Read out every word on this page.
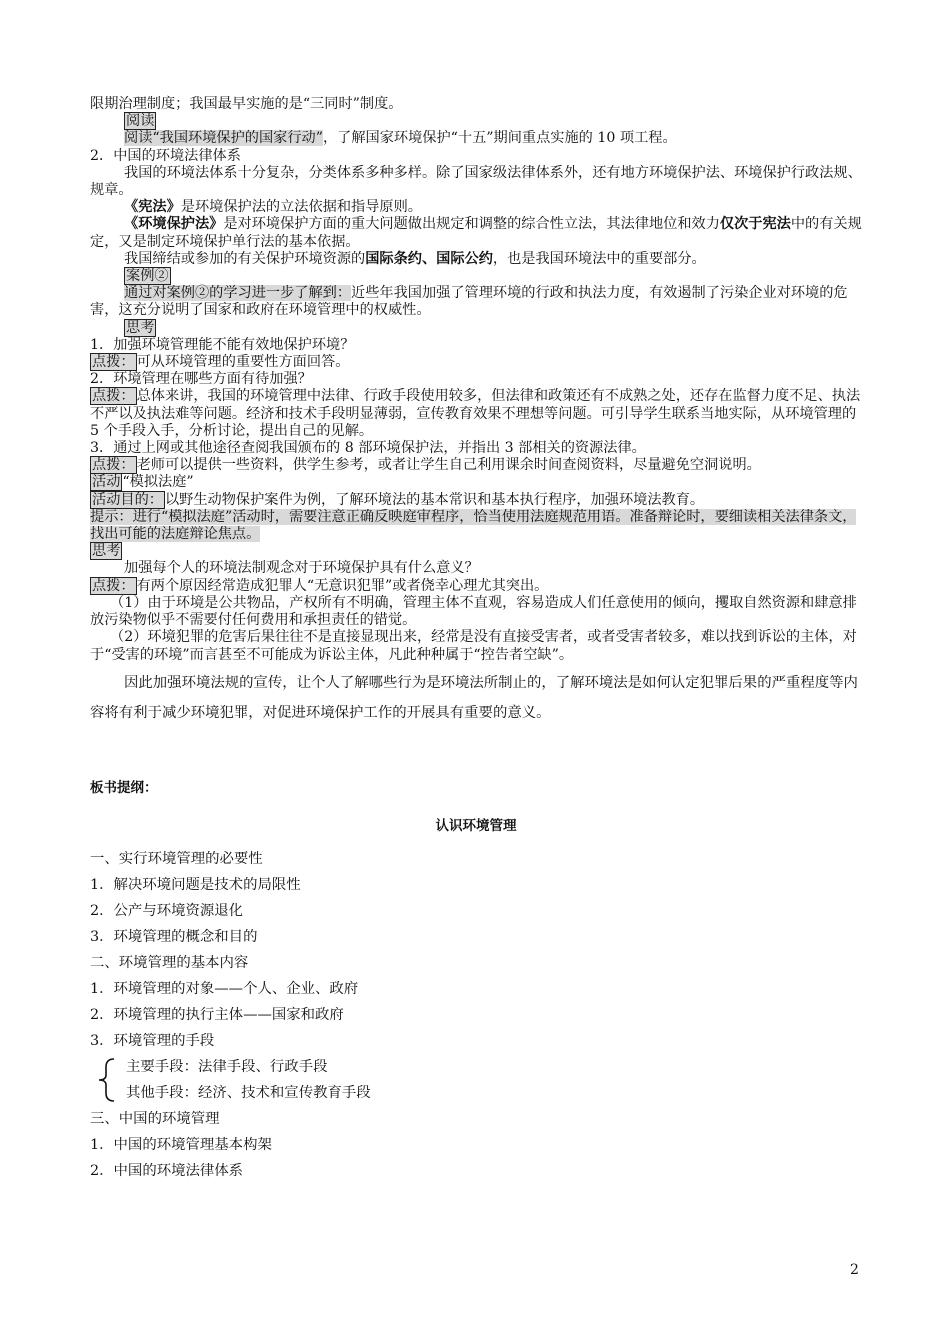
限期治理制度；我国最早实施的是“三同时”制度。
阅读
阅读“我国环境保护的国家行动”，了解国家环境保护“十五”期间重点实施的 10 项工程。
2．中国的环境法律体系
我国的环境法体系十分复杂，分类体系多种多样。除了国家级法律体系外，还有地方环境保护法、环境保护行政法规、规章。
《宪法》是环境保护法的立法依据和指导原则。
《环境保护法》是对环境保护方面的重大问题做出规定和调整的综合性立法，其法律地位和效力仅次于宪法中的有关规定，又是制定环境保护单行法的基本依据。
我国缔结或参加的有关保护环境资源的国际条约、国际公约，也是我国环境法中的重要部分。
案例②
通过对案例②的学习进一步了解到：近些年我国加强了管理环境的行政和执法力度，有效遏制了污染企业对环境的危害，这充分说明了国家和政府在环境管理中的权威性。
思考
1．加强环境管理能不能有效地保护环境？
点拨： 可从环境管理的重要性方面回答。
2．环境管理在哪些方面有待加强？
点拨： 总体来讲，我国的环境管理中法律、行政手段使用较多，但法律和政策还有不成熟之处，还存在监督力度不足、执法不严以及执法难等问题。经济和技术手段明显薄弱，宣传教育效果不理想等问题。可引导学生联系当地实际，从环境管理的 5 个手段入手，分析讨论，提出自己的见解。
3．通过上网或其他途径查阅我国颁布的 8 部环境保护法，并指出 3 部相关的资源法律。
点拨： 老师可以提供一些资料，供学生参考，或者让学生自己利用课余时间查阅资料，尽量避免空洞说明。
活动 “模拟法庭”
活动目的： 以野生动物保护案件为例，了解环境法的基本常识和基本执行程序，加强环境法教育。
提示：进行“模拟法庭”活动时，需要注意正确反映庭审程序，恰当使用法庭规范用语。准备辩论时，要细读相关法律条文，找出可能的法庭辩论焦点。
思考
加强每个人的环境法制观念对于环境保护具有什么意义？
点拨： 有两个原因经常造成犯罪人“无意识犯罪”或者侥幸心理尤其突出。
（1）由于环境是公共物品，产权所有不明确，管理主体不直观，容易造成人们任意使用的倾向，攫取自然资源和肆意排放污染物似乎不需要付任何费用和承担责任的错觉。
（2）环境犯罪的危害后果往往不是直接显现出来，经常是没有直接受害者，或者受害者较多，难以找到诉讼的主体，对于“受害的环境”而言甚至不可能成为诉讼主体，凡此种种属于“控告者空缺”。
因此加强环境法规的宣传，让个人了解哪些行为是环境法所制止的，了解环境法是如何认定犯罪后果的严重程度等内容将有利于减少环境犯罪，对促进环境保护工作的开展具有重要的意义。
板书提纲：
认识环境管理
一、实行环境管理的必要性
1．解决环境问题是技术的局限性
2．公产与环境资源退化
3．环境管理的概念和目的
二、环境管理的基本内容
1．环境管理的对象——个人、企业、政府
2．环境管理的执行主体——国家和政府
3．环境管理的手段
主要手段：法律手段、行政手段
其他手段：经济、技术和宣传教育手段
三、中国的环境管理
1．中国的环境管理基本构架
2．中国的环境法律体系
2
